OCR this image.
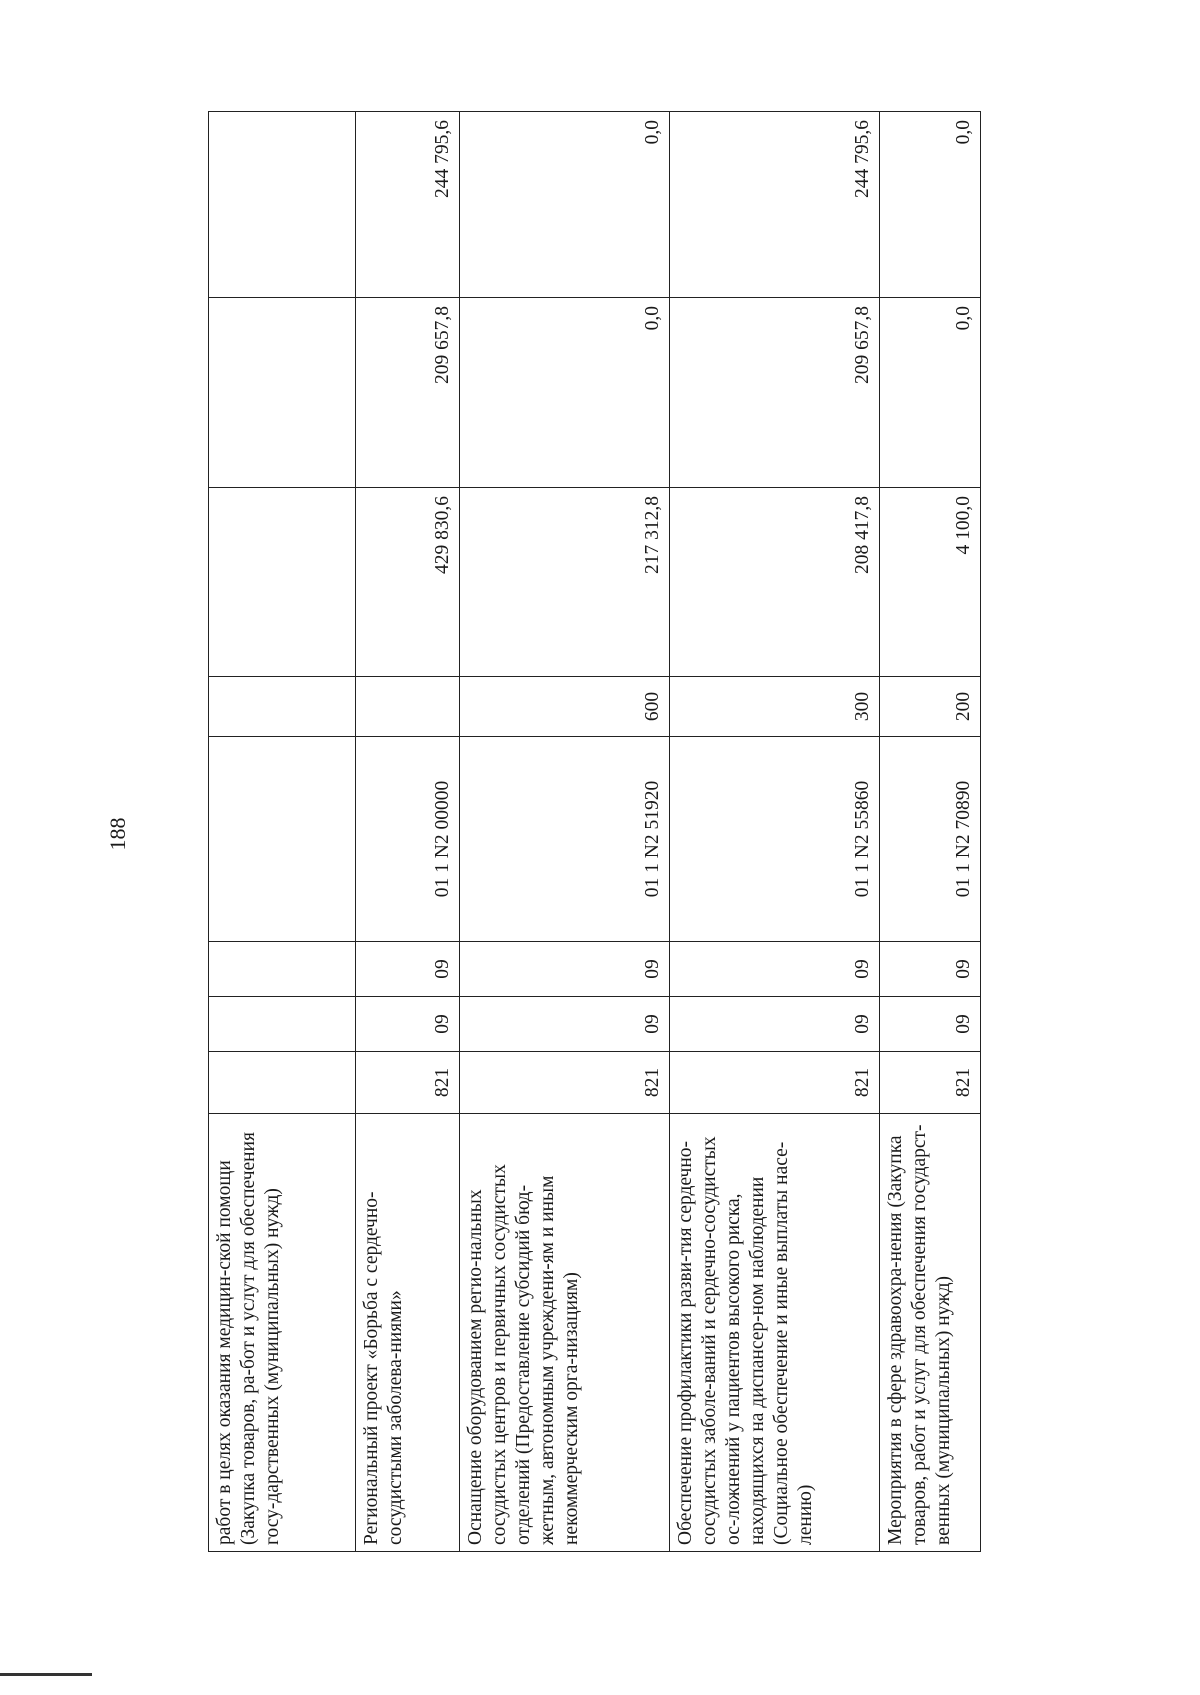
188
работ в целях оказания медицин-ской помощи (Закупка товаров, ра-бот и услут для обеспечения госу-дарственных (муниципальных) нужд)								
Региональный проект «Борьба с сердечно-сосудистыми заболева-ниями»	821	09	09	01 1 N2 00000		429 830,6	209 657,8	244 795,6
Оснащение оборудованием регио-нальных сосудистых центров и первичных сосудистых отделений (Предоставление субсидий бюд-жетным, автономным учреждени-ям и иным некоммерческим орга-низациям)	821	09	09	01 1 N2 51920	600	217 312,8	0,0	0,0
Обеспечение профилактики разви-тия сердечно-сосудистых заболе-ваний и сердечно-сосудистых ос-ложнений у пациентов высокого риска, находящихся на диспансер-ном наблюдении (Социальное обеспечение и иные выплаты насе-лению)	821	09	09	01 1 N2 55860	300	208 417,8	209 657,8	244 795,6
Мероприятия в сфере здравоохра-нения (Закупка товаров, работ и услуг для обеспечения государст-венных (муниципальных) нужд)	821	09	09	01 1 N2 70890	200	4 100,0	0,0	0,0
